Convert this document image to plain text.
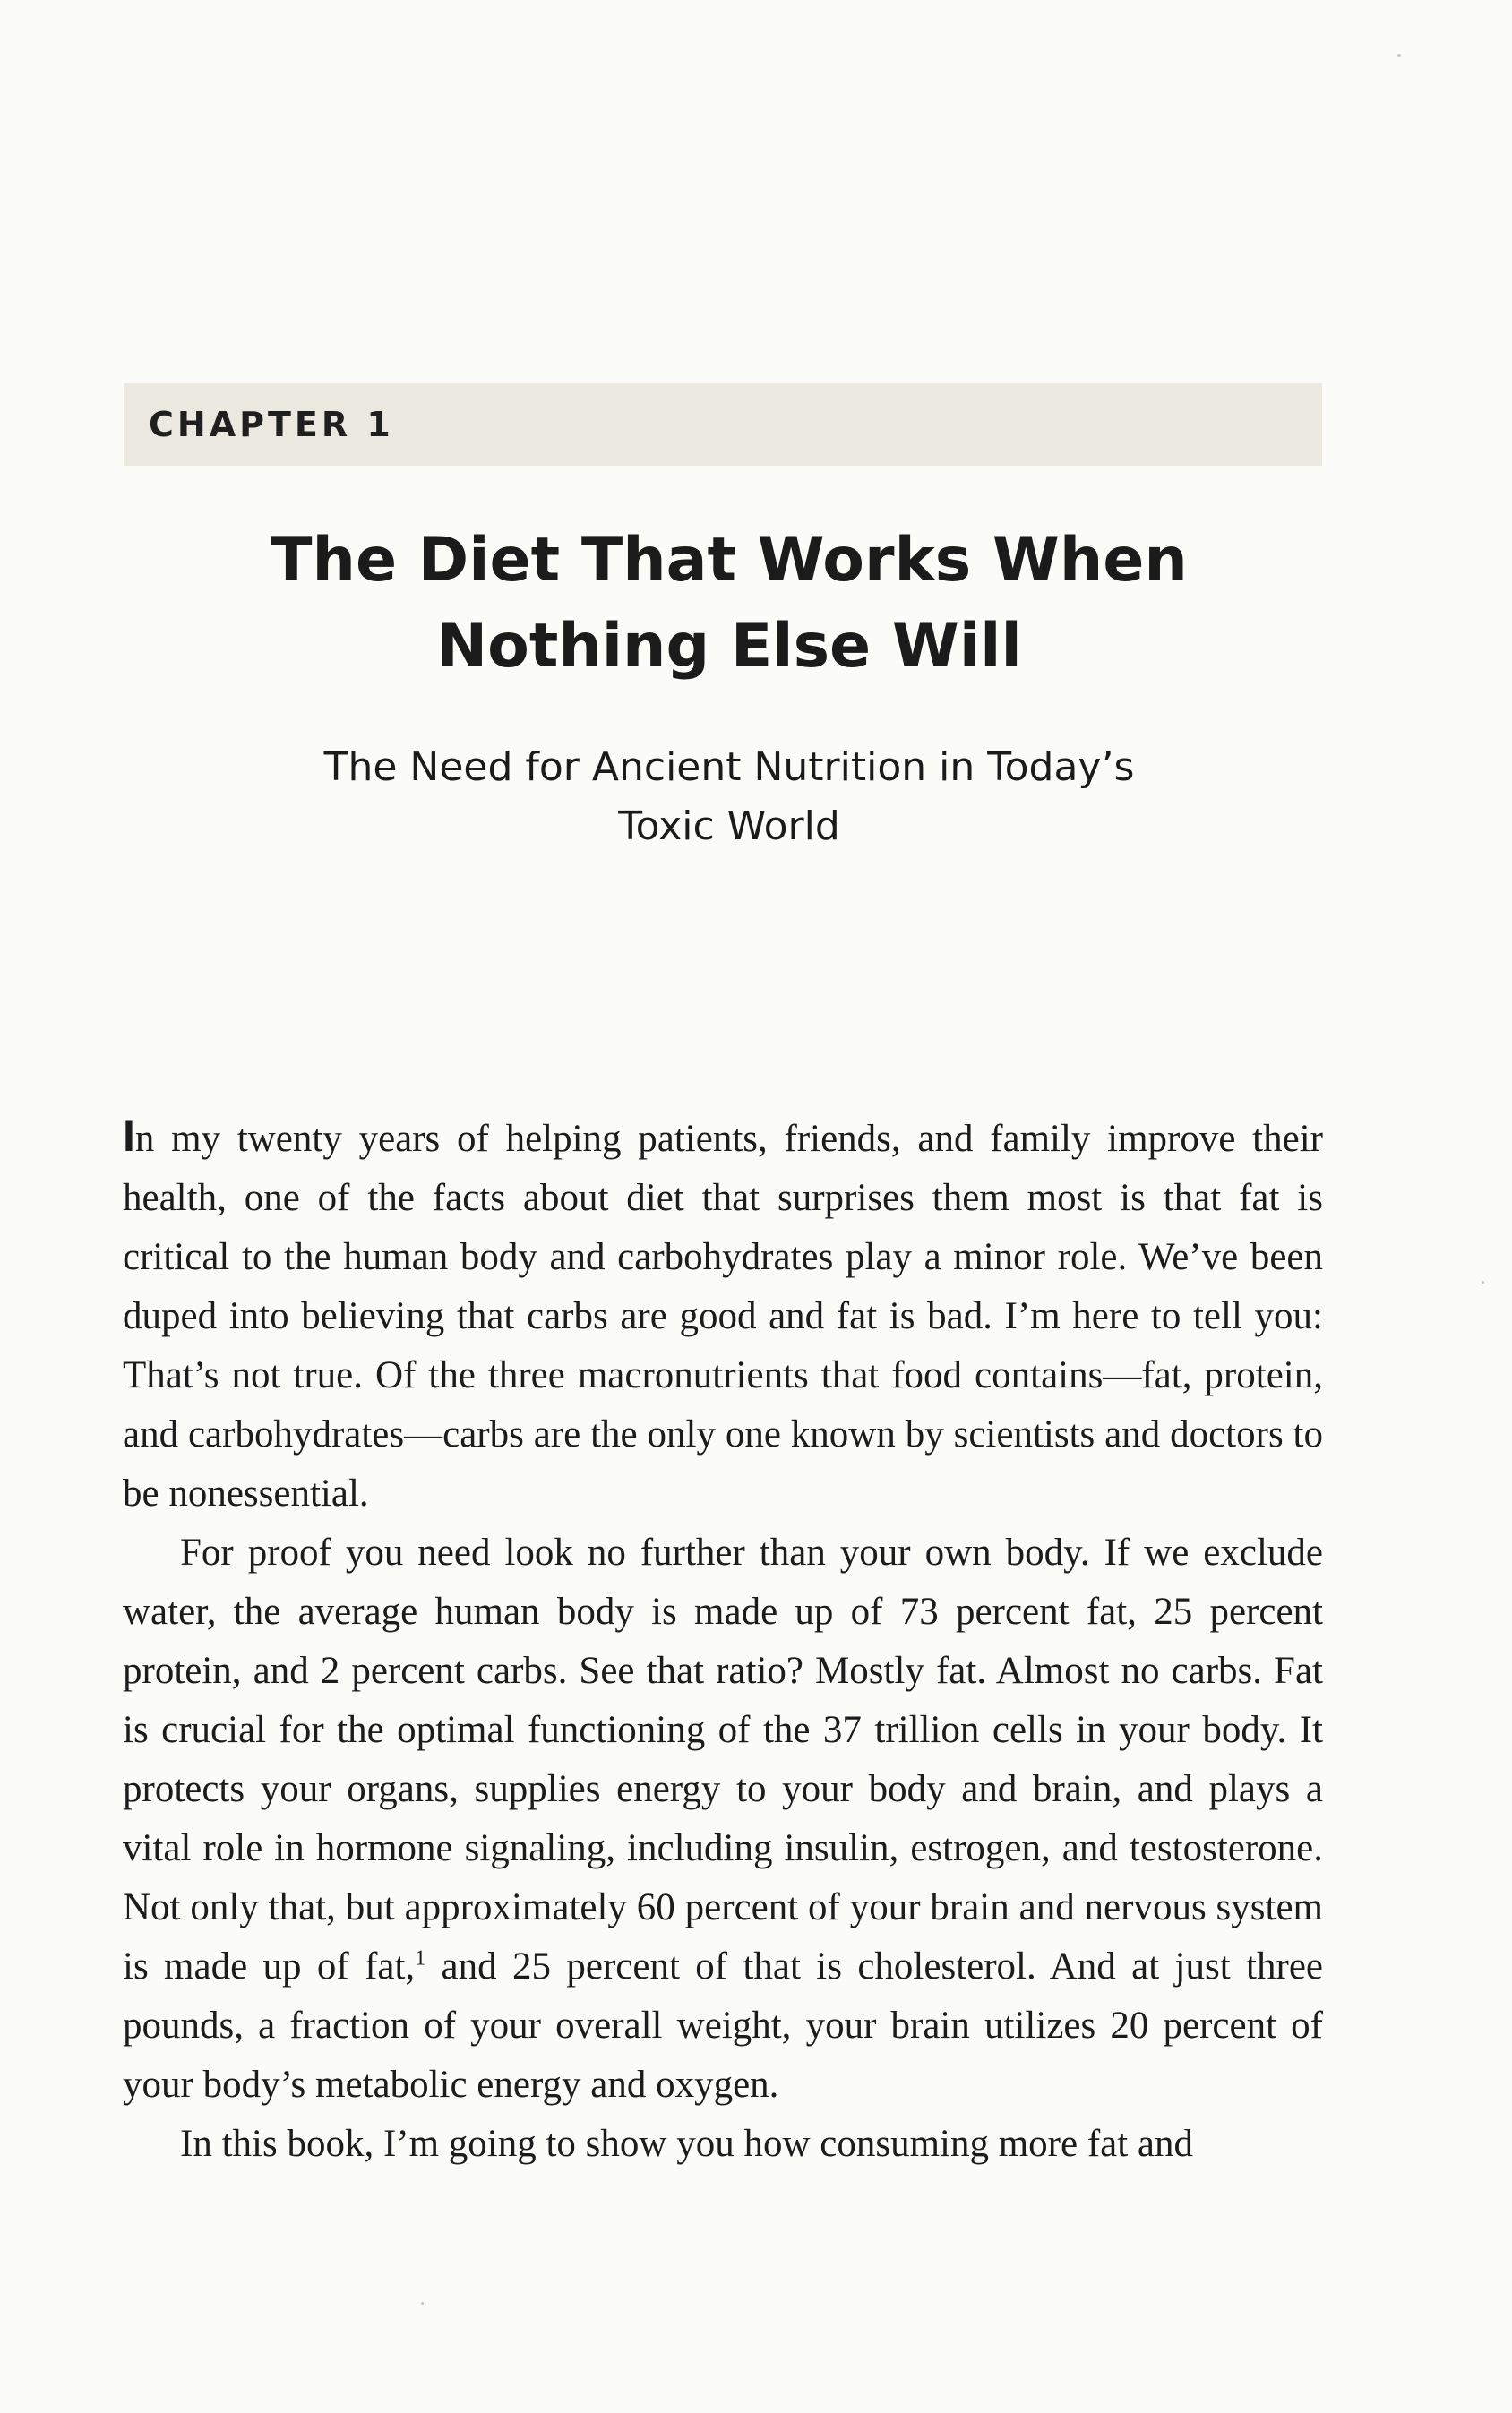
CHAPTER 1
The Diet That Works When
Nothing Else Will
The Need for Ancient Nutrition in Today’s
Toxic World

In my twenty years of helping patients, friends, and family improve their health, one of the facts about diet that surprises them most is that fat is critical to the human body and carbohydrates play a minor role. We’ve been duped into believing that carbs are good and fat is bad. I’m here to tell you: That’s not true. Of the three macronutrients that food contains—fat, protein, and carbohydrates—carbs are the only one known by scientists and doctors to be nonessential.

For proof you need look no further than your own body. If we exclude water, the average human body is made up of 73 percent fat, 25 percent protein, and 2 percent carbs. See that ratio? Mostly fat. Almost no carbs. Fat is crucial for the optimal functioning of the 37 trillion cells in your body. It protects your organs, supplies energy to your body and brain, and plays a vital role in hormone signaling, including insulin, estrogen, and testosterone. Not only that, but approximately 60 percent of your brain and nervous system is made up of fat,$^1$ and 25 percent of that is cholesterol. And at just three pounds, a fraction of your overall weight, your brain utilizes 20 percent of your body’s metabolic energy and oxygen.

In this book, I’m going to show you how consuming more fat and
